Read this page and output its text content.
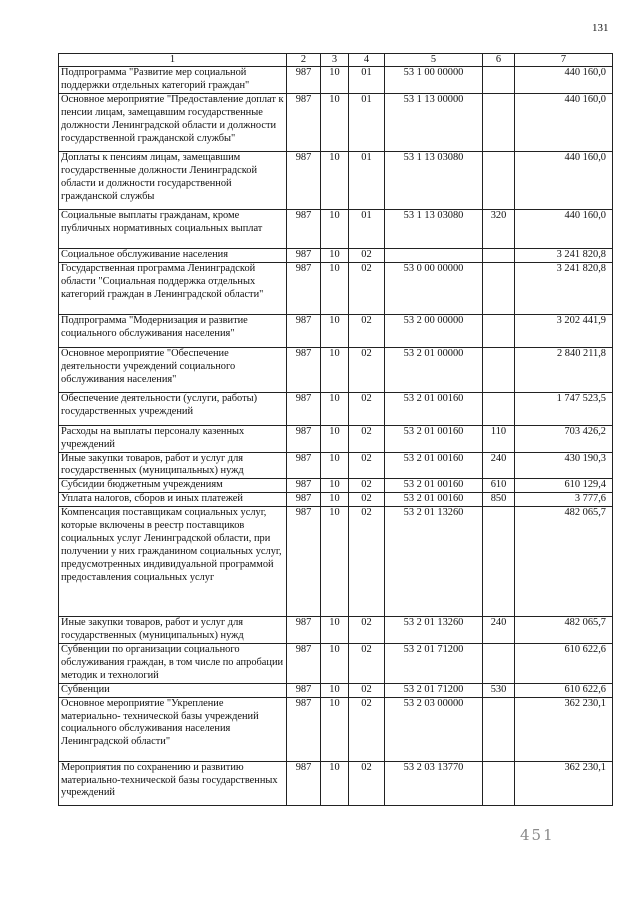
131
1	2	3	4	5	6	7
Подпрограмма "Развитие мер социальной поддержки отдельных категорий граждан"	987	10	01	53 1 00 00000		440 160,0
Основное мероприятие "Предоставление доплат к пенсии лицам, замещавшим государственные должности Ленинградской области и должности государственной гражданской службы"	987	10	01	53 1 13 00000		440 160,0
Доплаты к пенсиям лицам, замещавшим государственные должности Ленинградской области и должности государственной гражданской службы	987	10	01	53 1 13 03080		440 160,0
Социальные выплаты гражданам, кроме публичных нормативных социальных выплат	987	10	01	53 1 13 03080	320	440 160,0
Социальное обслуживание населения	987	10	02			3 241 820,8
Государственная программа Ленинградской области "Социальная поддержка отдельных категорий граждан в Ленинградской области"	987	10	02	53 0 00 00000		3 241 820,8
Подпрограмма "Модернизация и развитие социального обслуживания населения"	987	10	02	53 2 00 00000		3 202 441,9
Основное мероприятие "Обеспечение деятельности учреждений социального обслуживания населения"	987	10	02	53 2 01 00000		2 840 211,8
Обеспечение деятельности (услуги, работы) государственных учреждений	987	10	02	53 2 01 00160		1 747 523,5
Расходы на выплаты персоналу казенных учреждений	987	10	02	53 2 01 00160	110	703 426,2
Иные закупки товаров, работ и услуг для государственных (муниципальных) нужд	987	10	02	53 2 01 00160	240	430 190,3
Субсидии бюджетным учреждениям	987	10	02	53 2 01 00160	610	610 129,4
Уплата налогов, сборов и иных платежей	987	10	02	53 2 01 00160	850	3 777,6
Компенсация поставщикам социальных услуг, которые включены в реестр поставщиков социальных услуг Ленинградской области, при получении у них гражданином социальных услуг, предусмотренных индивидуальной программой предоставления социальных услуг	987	10	02	53 2 01 13260		482 065,7
Иные закупки товаров, работ и услуг для государственных (муниципальных) нужд	987	10	02	53 2 01 13260	240	482 065,7
Субвенции по организации социального обслуживания граждан, в том числе по апробации методик и технологий	987	10	02	53 2 01 71200		610 622,6
Субвенции	987	10	02	53 2 01 71200	530	610 622,6
Основное мероприятие "Укрепление материально- технической базы учреждений социального обслуживания населения Ленинградской области"	987	10	02	53 2 03 00000		362 230,1
Мероприятия по сохранению и развитию материально-технической базы государственных учреждений	987	10	02	53 2 03 13770		362 230,1
451
